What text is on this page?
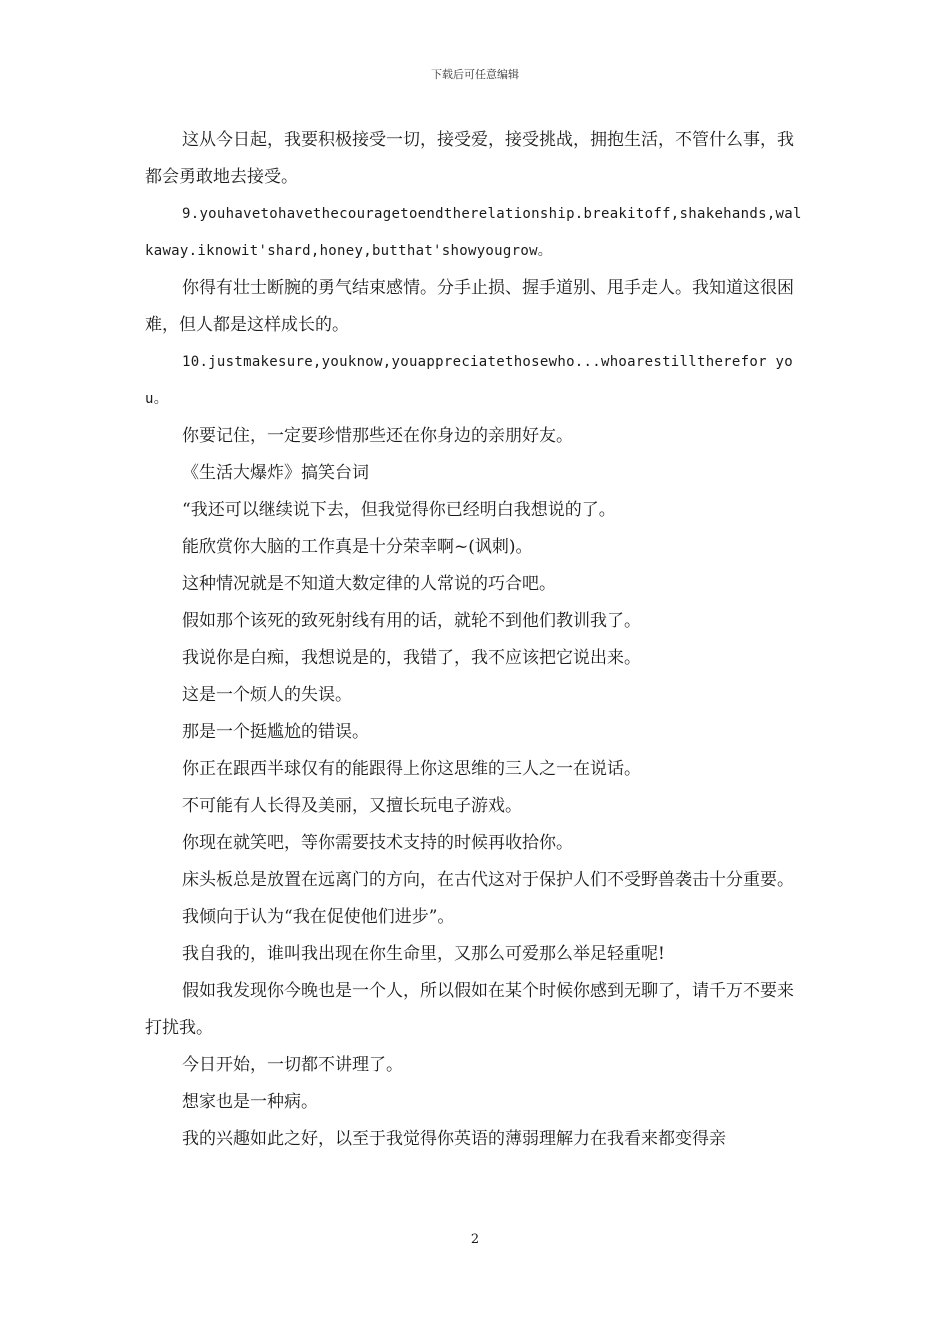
下载后可任意编辑

这从今日起，我要积极接受一切，接受爱，接受挑战，拥抱生活，不管什么事，我都会勇敢地去接受。

9.youhavetohavethecouragetoendtherelationship.breakitoff,shakehands,walkaway.iknowit'shard,honey,butthat'showyougrow。

你得有壮士断腕的勇气结束感情。分手止损、握手道别、甩手走人。我知道这很困难，但人都是这样成长的。

10.justmakesure,youknow,youappreciatethosewho...whoarestilltherefor you。

你要记住，一定要珍惜那些还在你身边的亲朋好友。

《生活大爆炸》搞笑台词

“我还可以继续说下去，但我觉得你已经明白我想说的了。

能欣赏你大脑的工作真是十分荣幸啊~(讽刺)。

这种情况就是不知道大数定律的人常说的巧合吧。

假如那个该死的致死射线有用的话，就轮不到他们教训我了。

我说你是白痴，我想说是的，我错了，我不应该把它说出来。

这是一个烦人的失误。

那是一个挺尴尬的错误。

你正在跟西半球仅有的能跟得上你这思维的三人之一在说话。

不可能有人长得及美丽，又擅长玩电子游戏。

你现在就笑吧，等你需要技术支持的时候再收拾你。

床头板总是放置在远离门的方向，在古代这对于保护人们不受野兽袭击十分重要。

我倾向于认为“我在促使他们进步”。

我自我的，谁叫我出现在你生命里，又那么可爱那么举足轻重呢!

假如我发现你今晚也是一个人，所以假如在某个时候你感到无聊了，请千万不要来打扰我。

今日开始，一切都不讲理了。

想家也是一种病。

我的兴趣如此之好，以至于我觉得你英语的薄弱理解力在我看来都变得亲

2
